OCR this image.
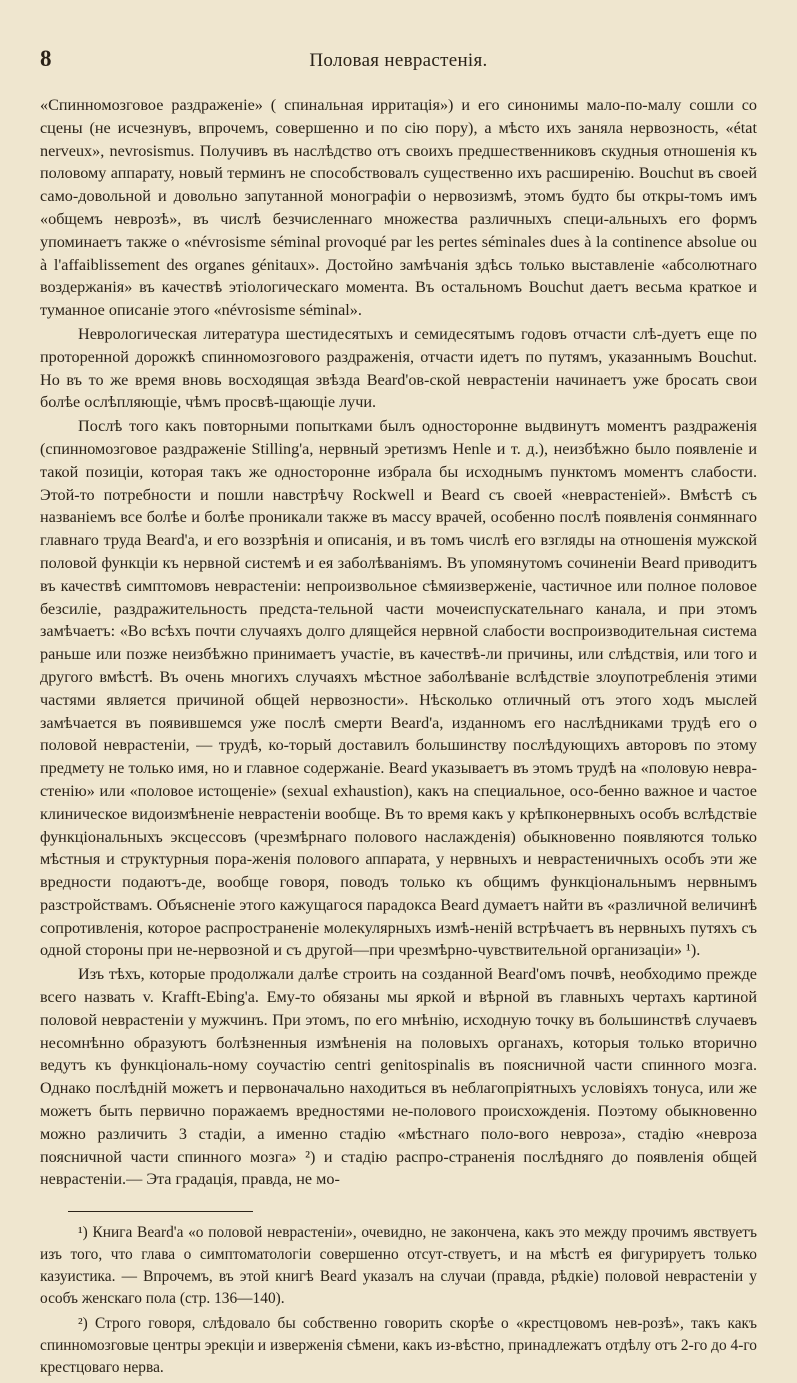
8	Половая неврастенія.

«Спинномозговое раздраженіе» ( спинальная ирритація») и его синонимы мало-по-малу сошли со сцены (не исчезнувъ, впрочемъ, совершенно и по сію пору), а мѣсто ихъ заняла нервозность, «état nerveux», nevrosismus. Получивъ въ наслѣдство отъ своихъ предшественниковъ скудныя отношенія къ половому аппарату, новый терминъ не способствовалъ существенно ихъ расширенію. Bouchut въ своей само-довольной и довольно запутанной монографіи о нервозизмѣ, этомъ будто бы откры-томъ имъ «общемъ неврозѣ», въ числѣ безчисленнаго множества различныхъ специ-альныхъ его формъ упоминаетъ также о «névrosisme séminal provoqué par les pertes séminales dues à la continence absolue ou à l'affaiblissement des organes génitaux». Достойно замѣчанія здѣсь только выставленіе «абсолютнаго воздержанія» въ качествѣ этіологическаго момента. Въ остальномъ Bouchut даетъ весьма краткое и туманное описаніе этого «névrosisme séminal».

Неврологическая литература шестидесятыхъ и семидесятымъ годовъ отчасти слѣ-дуетъ еще по проторенной дорожкѣ спинномозгового раздраженія, отчасти идетъ по путямъ, указаннымъ Bouchut. Но въ то же время вновь восходящая звѣзда Beard'ов-ской неврастеніи начинаетъ уже бросать свои болѣе ослѣпляющіе, чѣмъ просвѣ-щающіе лучи.

Послѣ того какъ повторными попытками былъ односторонне выдвинутъ моментъ раздраженія (спинномозговое раздраженіе Stilling'а, нервный эретизмъ Henle и т. д.), неизбѣжно было появленіе и такой позиціи, которая такъ же односторонне избрала бы исходнымъ пунктомъ моментъ слабости. Этой-то потребности и пошли навстрѣчу Rockwell и Beard съ своей «неврастеніей». Вмѣстѣ съ названіемъ все болѣе и болѣе проникали также въ массу врачей, особенно послѣ появленія сонмяннаго главнаго труда Beard'а, и его воззрѣнія и описанія, и въ томъ числѣ его взгляды на отношенія мужской половой функціи къ нервной системѣ и ея заболѣваніямъ. Въ упомянутомъ сочиненіи Beard приводитъ въ качествѣ симптомовъ неврастеніи: непроизвольное сѣмяизверженіе, частичное или полное половое безсиліе, раздражительность предстa-тельной части мочеиспускательнаго канала, и при этомъ замѣчаетъ: «Во всѣхъ почти случаяхъ долго длящейся нервной слабости воспроизводительная система раньше или позже неизбѣжно принимаетъ участіе, въ качествѣ-ли причины, или слѣдствія, или того и другого вмѣстѣ. Въ очень многихъ случаяхъ мѣстное заболѣваніе вслѣдствіе злоупотребленія этими частями является причиной общей нервозности». Нѣсколько отличный отъ этого ходъ мыслей замѣчается въ появившемся уже послѣ смерти Beard'а, изданномъ его наслѣдниками трудѣ его о половой неврастеніи, — трудѣ, ко-торый доставилъ большинству послѣдующихъ авторовъ по этому предмету не только имя, но и главное содержаніе. Beard указываетъ въ этомъ трудѣ на «половую неврa-стенію» или «половое истощеніе» (sexual exhaustion), какъ на специальное, осо-бенно важное и частое клиническое видоизмѣненіе неврастеніи вообще. Въ то время какъ у крѣпконервныхъ особъ вслѣдствіе функціональныхъ эксцессовъ (чрезмѣрнаго полового наслажденія) обыкновенно появляются только мѣстныя и структурныя пора-женія полового аппарата, у нервныхъ и неврастеничныхъ особъ эти же вредности подаютъ-де, вообще говоря, поводъ только къ общимъ функціональнымъ нервнымъ разстройствамъ. Объясненіе этого кажущагося парадокса Beard думаетъ найти въ «различной величинѣ сопротивленія, которое распространеніе молекулярныхъ измѣ-неній встрѣчаетъ въ нервныхъ путяхъ съ одной стороны при не-нервозной и съ другой—при чрезмѣрно-чувствительной организаціи» ¹).

Изъ тѣхъ, которые продолжали далѣе строить на созданной Beard'омъ почвѣ, необходимо прежде всего назвать v. Krafft-Ebing'а. Ему-то обязаны мы яркой и вѣрной въ главныхъ чертахъ картиной половой неврастеніи у мужчинъ. При этомъ, по его мнѣнію, исходную точку въ большинствѣ случаевъ несомнѣнно образуютъ болѣзненныя измѣненія на половыхъ органахъ, которыя только вторично ведутъ къ функціональ-ному соучастію centri genitospinalis въ поясничной части спинного мозга. Однако послѣдній можетъ и первоначально находиться въ неблагопріятныхъ условіяхъ тонуса, или же можетъ быть первично поражаемъ вредностями не-полового происхожденія. Поэтому обыкновенно можно различить 3 стадіи, а именно стадію «мѣстнаго поло-вого невроза», стадію «невроза поясничной части спинного мозга» ²) и стадію распро-страненія послѣдняго до появленія общей неврастеніи.— Эта градація, правда, не мо-

¹) Книга Beard'а «о половой неврастеніи», очевидно, не закончена, какъ это между прочимъ явствуетъ изъ того, что глава о симптоматологіи совершенно отсут-ствуетъ, и на мѣстѣ ея фигурируетъ только казуистика. — Впрочемъ, въ этой книгѣ Beard указалъ на случаи (правда, рѣдкіе) половой неврастеніи у особъ женскаго пола (стр. 136—140).

²) Строго говоря, слѣдовало бы собственно говорить скорѣе о «крестцовомъ нев-розѣ», такъ какъ спинномозговые центры эрекціи и изверженія сѣмени, какъ из-вѣстно, принадлежатъ отдѣлу отъ 2-го до 4-го крестцоваго нерва.
